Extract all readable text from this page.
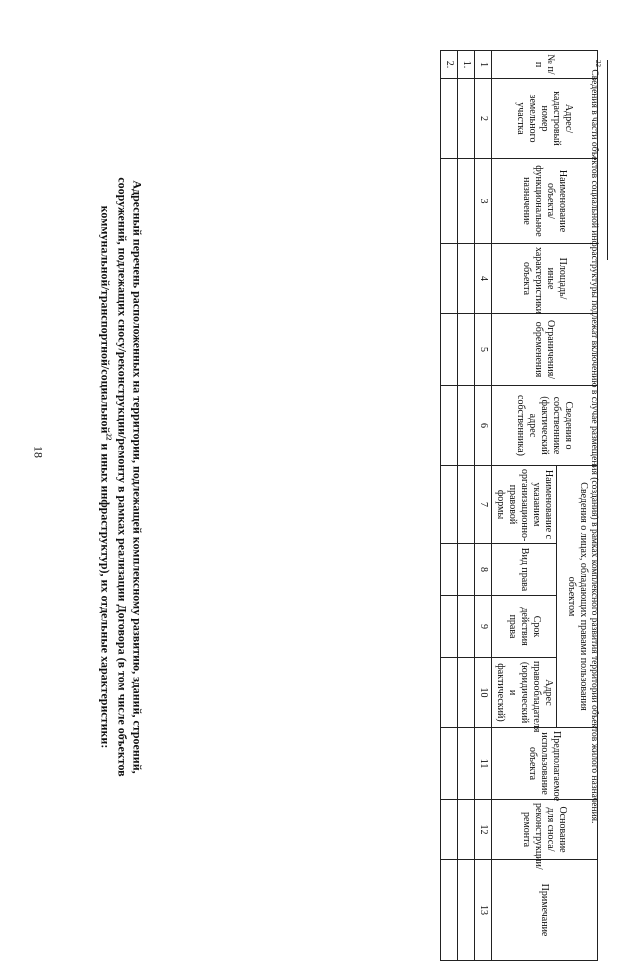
18	Адресный перечень расположенных на территории, подлежащей комплексному развитию, зданий, строений,
сооружений, подлежащих сносу/реконструкции/ремонту в рамках реализации Договора (в том числе объектов
коммунальной/транспортной/социальной$^{22}$ и иных инфраструктур), их отдельные характеристики:

№ п/п	Адрес/ кадастровый номер земельного участка	Наименование объекта/ функциональное назначение	Площадь/иные характеристики объекта	Ограничения/ обременения	Сведения о собственнике (фактический адрес собственника)	Сведения о лицах, обладающих правами пользования объектом				Предполагаемое использование объекта	Основание для сноса/ реконструкции/ ремонта	Примечание
						Наименование с указанием организационно-правовой формы	Вид права	Срок действия права	Адрес правообладателя (юридический и фактический)			
1	2	3	4	5	6	7	8	9	10	11	12	13
1.												
2.													$^{22}$ Сведения в части объектов социальной инфраструктуры подлежат включению в случае размещения (создания) в рамках комплексного развития территории объектов жилого назначения.
